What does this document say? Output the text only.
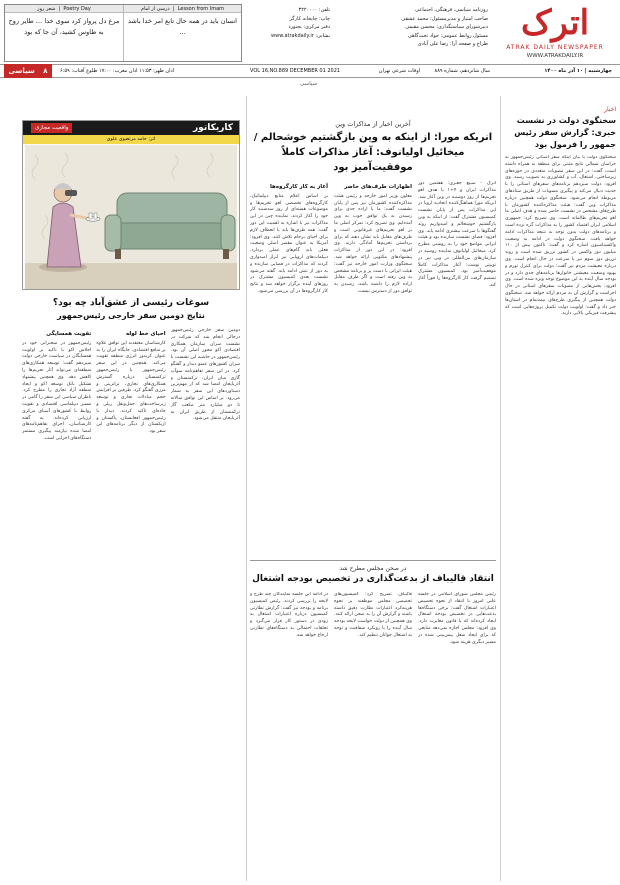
اترک
ATRAK DAILY NEWSPAPER
WWW.ATRAKDAILY.IR
روزنامه سیاسی، فرهنگی، اجتماعی
صاحب امتیاز و مدیرمسئول: محمد عشقی
دبیرشورای سیاستگذاری: محسن مقیمی
مسئول روابط عمومی: جواد تخت‌گاهی
طراح و صفحه آرا: رضا علی آبادی
تلفن: ۳۲۲۰۰۰۰
چاپ: چاپخانه کارگر
دفتر مرکزی: بجنورد
نشانی: www.atrakdaily.ir
Poetry Day  |  شعر روز
مرغ دل پرواز کرد سوی خدا … طایر روح به طاوس کشید، آن جا که بود
Lesson from Imam  |  درسی از امام
انسان باید در همه حال تابع امر خدا باشد …
VOL 16,NO.889 DECEMBER 01 2021
اذان ظهر: ۱۱:۵۳ اذان مغرب: ۱۷:۰۰ طلوع آفتاب: ۶:۵۹	سال شانزدهم، شماره ۸۸۹
اوقات شرعی تهران	چهارشنبه | ۱۰ آذر ماه ۱۴۰۰
۸ سیاسی
سیاسی
اخبار
سخنگوی دولت در نشست خبری: گزارش سفر رئیس جمهور را فرمول بود
سخنگوی دولت با بیان اینکه سفر استانی رئیس‌جمهور به خراسان شمالی نتایج مثبتی برای منطقه به همراه داشته است، گفت: در این سفر مصوبات متعددی در حوزه‌های زیرساختی، اشتغال، آب و کشاورزی به تصویب رسید. وی افزود: دولت سیزدهم برنامه‌های سفرهای استانی را با جدیت دنبال می‌کند و پیگیری مصوبات از طریق ستادهای مربوطه انجام می‌شود. سخنگوی دولت همچنین درباره مذاکرات وین گفت: هیئت مذاکره‌کننده کشورمان با طرح‌های مشخص در نشست حاضر شده و هدف اصلی ما لغو تحریم‌های ظالمانه است. وی تصریح کرد: جمهوری اسلامی ایران اقتصاد کشور را به مذاکرات گره نزده است و برنامه‌های دولت بدون توجه به نتیجه مذاکرات ادامه خواهد یافت. سخنگوی دولت در ادامه به وضعیت واکسیناسیون اشاره کرد و گفت: تاکنون بیش از ۱۱۰ میلیون دوز واکسن در کشور تزریق شده است و روند تزریق دوز سوم نیز با سرعت در حال انجام است. وی درباره معیشت مردم نیز گفت: دولت برای کنترل تورم و بهبود وضعیت معیشتی خانوارها برنامه‌های جدی دارد و در بودجه سال آینده به این موضوع توجه ویژه شده است. وی افزود: بخش‌هایی از مصوبات سفرهای استانی در حال اجراست و گزارش آن به مردم ارائه خواهد شد. سخنگوی دولت همچنین از پیگیری طرح‌های نیمه‌تمام در استان‌ها خبر داد و گفت: اولویت دولت تکمیل پروژه‌هایی است که پیشرفت فیزیکی بالایی دارند.
آخرین اخبار از مذاکرات وین
انریکه مورا: از اینکه به وین بازگشتیم خوشحالم / میخائیل اولیانوف: آغاز مذاکرات کاملاً موفقیت‌آمیز بود
اترک - سیبع جعبری: هفتمین دور مذاکرات ایران و ۴+۱ با هدف لغو تحریم‌ها از روز دوشنبه در وین آغاز شد. انریکه مورا هماهنگ‌کننده اتحادیه اروپا در این مذاکرات پس از پایان نشست کمیسیون مشترک گفت: از اینکه به وین بازگشتیم خوشحالم و امیدواریم روند گفتگوها با سرعت بیشتری ادامه یابد. وی افزود: فضای نشست سازنده بود و هیئت ایرانی مواضع خود را به روشنی مطرح کرد. میخائیل اولیانوف نماینده روسیه در سازمان‌های بین‌المللی در وین نیز در توییتی نوشت: آغاز مذاکرات کاملاً موفقیت‌آمیز بود. کمیسیون مشترک تصمیم گرفت کار کارگروه‌ها را فوراً آغاز کند.
اظهارات طرف‌های حاضر
معاون وزیر امور خارجه و رئیس هیئت مذاکره‌کننده کشورمان نیز پس از پایان نشست گفت: ما با اراده جدی برای رسیدن به یک توافق خوب به وین آمده‌ایم. وی تصریح کرد: تمرکز اصلی ما بر لغو تحریم‌های غیرقانونی است و طرف‌های مقابل باید نشان دهند که برای برداشتن تحریم‌ها آمادگی دارند. وی افزود: در این دور از مذاکرات پیشنهادهای مکتوبی ارائه خواهد شد. سخنگوی وزارت امور خارجه نیز گفت: هیئت ایرانی با دست پر و برنامه مشخص به وین رفته است و اگر طرف مقابل اراده لازم را داشته باشد، رسیدن به توافق دور از دسترس نیست.
آغاز به کار کارگروه‌ها
بر اساس اعلام منابع دیپلماتیک، کارگروه‌های تخصصی لغو تحریم‌ها و موضوعات هسته‌ای از روز سه‌شنبه کار خود را آغاز کردند. نماینده چین در این مذاکرات نیز با اشاره به اهمیت این دور گفت: همه طرف‌ها باید با انعطاف لازم برای احیای برجام تلاش کنند. وی افزود: آمریکا به عنوان مقصر اصلی وضعیت فعلی باید گام‌های عملی بردارد. دیپلمات‌های اروپایی نیز ابراز امیدواری کردند که مذاکرات در فضایی سازنده و به دور از تنش ادامه یابد. گفته می‌شود نشست بعدی کمیسیون مشترک در روزهای آینده برگزار خواهد شد و نتایج کار کارگروه‌ها در آن بررسی می‌شود.
کاریکاتور
واقعیت مجازی
اثر: حامد مرتضوی علوی
سوغات رئیسی از عشق‌آباد چه بود؟
نتایج دومین سفر خارجی رئیس‌جمهور
دومین سفر خارجی رئیس‌جمهور درحالی انجام شد که شرکت در نشست سران سازمان همکاری اقتصادی اکو محور اصلی آن بود. رئیس‌جمهور در حاشیه این نشست با سران کشورهای عضو دیدار و گفتگو کرد. در این سفر تفاهم‌نامه سوآپ گازی میان ایران، ترکمنستان و آذربایجان امضا شد که از مهم‌ترین دستاوردهای این سفر به شمار می‌رود. بر اساس این توافق سالانه تا دو میلیارد متر مکعب گاز ترکمنستان از طریق ایران به آذربایجان منتقل می‌شود.
احیای خط لوله
کارشناسان معتقدند این توافق علاوه بر منافع اقتصادی، جایگاه ایران را به عنوان کریدور انرژی منطقه تقویت می‌کند. همچنین در این سفر رئیس‌جمهور با رئیس‌جمهور ترکمنستان درباره گسترش همکاری‌های تجاری، ترانزیتی و مرزی گفتگو کرد. طرفین بر افزایش حجم مبادلات تجاری و توسعه زیرساخت‌های حمل‌ونقل ریلی و جاده‌ای تاکید کردند. دیدار با رئیس‌جمهور افغانستان، پاکستان و ازبکستان از دیگر برنامه‌های این سفر بود.
تقویت همسایگی
رئیس‌جمهور در سخنرانی خود در اجلاس اکو با تاکید بر اولویت همسایگان در سیاست خارجی دولت سیزدهم گفت: توسعه همکاری‌های منطقه‌ای می‌تواند آثار تحریم‌ها را کاهش دهد. وی همچنین پیشنهاد تشکیل بانک توسعه اکو و ایجاد منطقه آزاد تجاری را مطرح کرد. ناظران سیاسی این سفر را گامی در مسیر دیپلماسی اقتصادی و تقویت روابط با کشورهای آسیای مرکزی ارزیابی کرده‌اند. به گفته کارشناسان، اجرای تفاهم‌نامه‌های امضا شده نیازمند پیگیری مستمر دستگاه‌های اجرایی است.
در صحن مجلس مطرح شد
انتقاد قالیباف از بدعت‌گذاری در تخصیص بودجه اشتغال
رئیس مجلس شورای اسلامی در جلسه علنی امروز با انتقاد از نحوه تخصیص اعتبارات اشتغال گفت: برخی دستگاه‌ها بدعت‌هایی در تخصیص بودجه اشتغال ایجاد کرده‌اند که با قانون مغایرت دارد. وی افزود: مجلس اجازه نمی‌دهد منابعی که برای ایجاد شغل پیش‌بینی شده در مسیر دیگری هزینه شود.
قالیباف تصریح کرد: کمیسیون‌های تخصصی مجلس موظفند بر نحوه هزینه‌کرد اعتبارات نظارت دقیق داشته باشند و گزارش آن را به صحن ارائه کنند. وی همچنین از دولت خواست لایحه بودجه سال آینده را با رویکرد شفافیت و توجه به اشتغال جوانان تنظیم کند.
در ادامه این جلسه نمایندگان چند طرح و لایحه را بررسی کردند. رئیس کمیسیون برنامه و بودجه نیز گفت: گزارش نظارتی کمیسیون درباره اعتبارات اشتغال به زودی در دستور کار قرار می‌گیرد و تخلفات احتمالی به دستگاه‌های نظارتی ارجاع خواهد شد.
